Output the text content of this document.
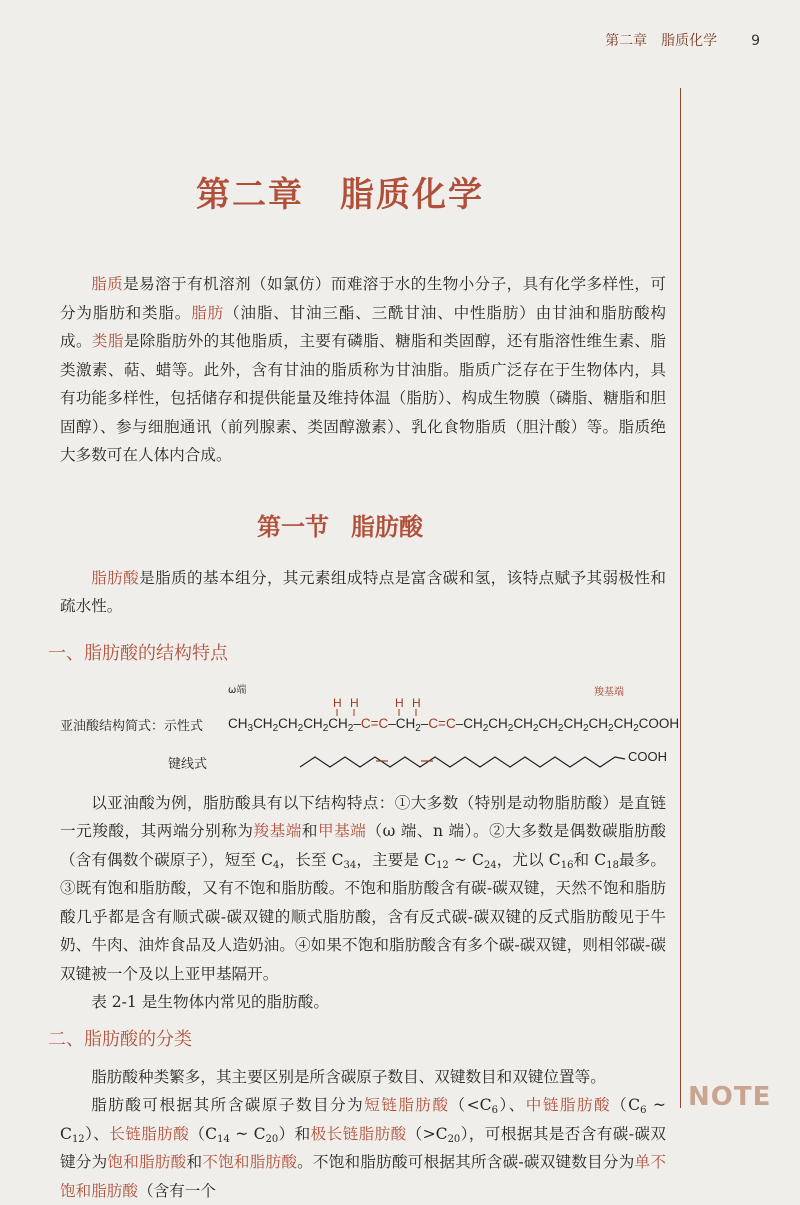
第二章　脂质化学 9
第二章 脂质化学
脂质是易溶于有机溶剂（如氯仿）而难溶于水的生物小分子，具有化学多样性，可分为脂肪和类脂。脂肪（油脂、甘油三酯、三酰甘油、中性脂肪）由甘油和脂肪酸构成。类脂是除脂肪外的其他脂质，主要有磷脂、糖脂和类固醇，还有脂溶性维生素、脂类激素、萜、蜡等。此外，含有甘油的脂质称为甘油脂。脂质广泛存在于生物体内，具有功能多样性，包括储存和提供能量及维持体温（脂肪）、构成生物膜（磷脂、糖脂和胆固醇）、参与细胞通讯（前列腺素、类固醇激素）、乳化食物脂质（胆汁酸）等。脂质绝大多数可在人体内合成。
第一节 脂肪酸
脂肪酸是脂质的基本组分，其元素组成特点是富含碳和氢，该特点赋予其弱极性和疏水性。
一、脂肪酸的结构特点
ω端	羧基端
亚油酸结构简式：示性式
键线式
H H	H H
COOH
$CH_3CH_2CH_2CH_2CH_2-C=C-CH_2-C=C-CH_2CH_2CH_2CH_2CH_2CH_2CH_2COOH$
以亚油酸为例，脂肪酸具有以下结构特点：①大多数（特别是动物脂肪酸）是直链一元羧酸，其两端分别称为羧基端和甲基端（ω 端、n 端）。②大多数是偶数碳脂肪酸（含有偶数个碳原子），短至 $C_4$，长至 $C_{34}$，主要是 $C_{12}$ ~ $C_{24}$，尤以 $C_{16}$和 $C_{18}$最多。③既有饱和脂肪酸，又有不饱和脂肪酸。不饱和脂肪酸含有碳-碳双键，天然不饱和脂肪酸几乎都是含有顺式碳-碳双键的顺式脂肪酸，含有反式碳-碳双键的反式脂肪酸见于牛奶、牛肉、油炸食品及人造奶油。④如果不饱和脂肪酸含有多个碳-碳双键，则相邻碳-碳双键被一个及以上亚甲基隔开。
表 2-1 是生物体内常见的脂肪酸。
二、脂肪酸的分类
脂肪酸种类繁多，其主要区别是所含碳原子数目、双键数目和双键位置等。
脂肪酸可根据其所含碳原子数目分为短链脂肪酸$(<C_6)$、中链脂肪酸（$C_6$ ~ $C_{12}$）、长链脂肪酸（$C_{14}$ ~ $C_{20}$）和极长链脂肪酸$(>C_{20})$，可根据其是否含有碳-碳双键分为饱和脂肪酸和不饱和脂肪酸。不饱和脂肪酸可根据其所含碳-碳双键数目分为单不饱和脂肪酸（含有一个
NOTE
